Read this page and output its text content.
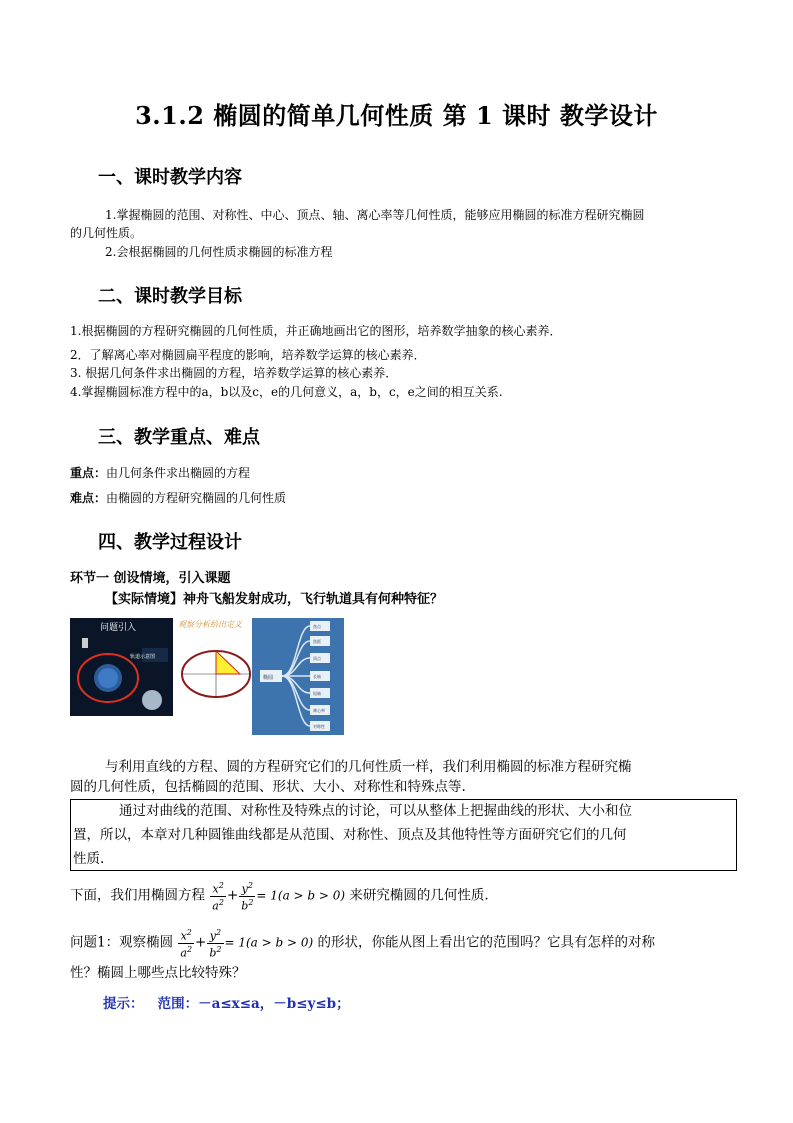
3.1.2 椭圆的简单几何性质 第 1 课时 教学设计
一、课时教学内容
1.掌握椭圆的范围、对称性、中心、顶点、轴、离心率等几何性质，能够应用椭圆的标准方程研究椭圆
的几何性质。
2.会根据椭圆的几何性质求椭圆的标准方程
二、课时教学目标
1.根据椭圆的方程研究椭圆的几何性质，并正确地画出它的图形，培养数学抽象的核心素养．
2．了解离心率对椭圆扁平程度的影响，培养数学运算的核心素养．
3. 根据几何条件求出椭圆的方程，培养数学运算的核心素养．
4.掌握椭圆标准方程中的a，b以及c，e的几何意义，a，b，c，e之间的相互关系.
三、教学重点、难点
重点：由几何条件求出椭圆的方程
难点：由椭圆的方程研究椭圆的几何性质
四、教学过程设计
环节一 创设情境，引入课题
【实际情境】神舟飞船发射成功，飞行轨道具有何种特征？
问题引入
轨道示意图
观察分析给出定义
椭圆
焦点
焦距
顶点
长轴
短轴
离心率
对称性
与利用直线的方程、圆的方程研究它们的几何性质一样，我们利用椭圆的标准方程研究椭
圆的几何性质，包括椭圆的范围、形状、大小、对称性和特殊点等.
通过对曲线的范围、对称性及特殊点的讨论，可以从整体上把握曲线的形状、大小和位
置，所以，本章对几种圆锥曲线都是从范围、对称性、顶点及其他特性等方面研究它们的几何
性质.
下面，我们用椭圆方程 $\frac{x^2}{a^2} + \frac{y^2}{b^2} = 1(a > b > 0)$ 来研究椭圆的几何性质.
问题1：观察椭圆 $\frac{x^2}{a^2} + \frac{y^2}{b^2} = 1(a > b > 0)$ 的形状，你能从图上看出它的范围吗？它具有怎样的对称
性？椭圆上哪些点比较特殊？
提示： 范围：－a≤x≤a，－b≤y≤b；
